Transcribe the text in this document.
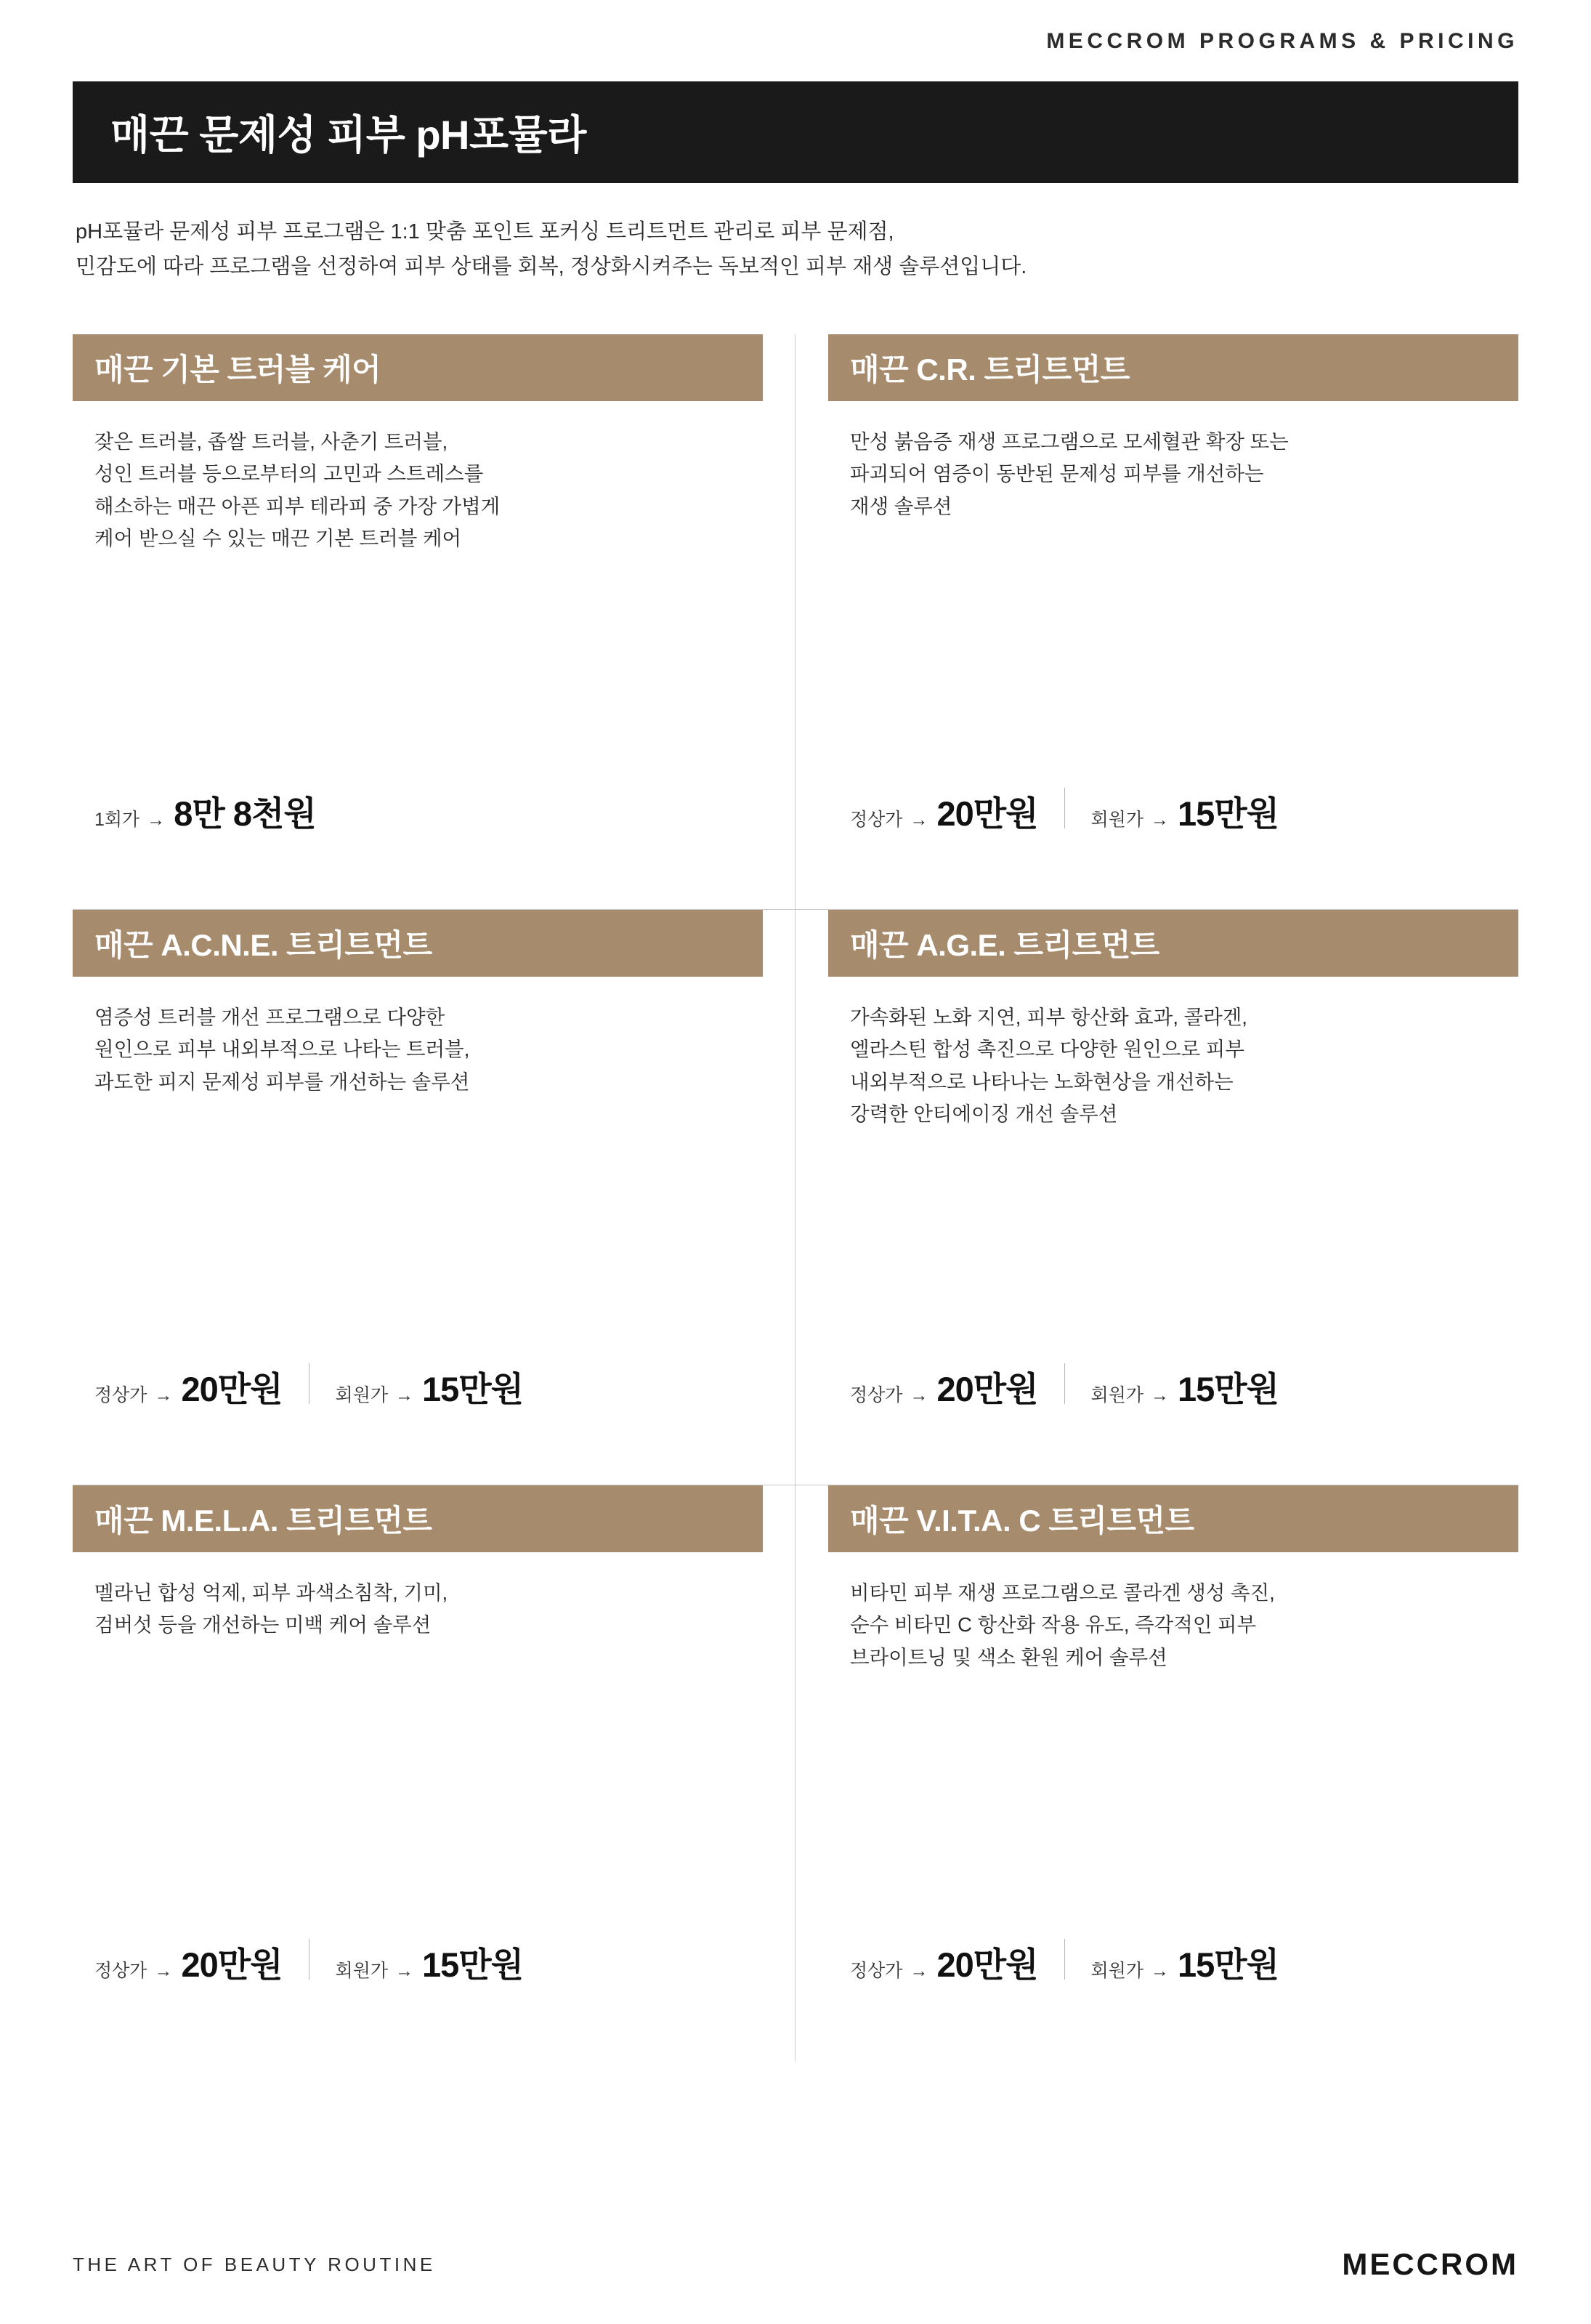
MECCROM PROGRAMS & PRICING
매끈 문제성 피부 pH포뮬라
pH포뮬라 문제성 피부 프로그램은 1:1 맞춤 포인트 포커싱 트리트먼트 관리로 피부 문제점,
민감도에 따라 프로그램을 선정하여 피부 상태를 회복, 정상화시켜주는 독보적인 피부 재생 솔루션입니다.
매끈 기본 트러블 케어
잦은 트러블, 좁쌀 트러블, 사춘기 트러블,
성인 트러블 등으로부터의 고민과 스트레스를
해소하는 매끈 아픈 피부 테라피 중 가장 가볍게
케어 받으실 수 있는 매끈 기본 트러블 케어
1회가 → 8만 8천원
매끈 C.R. 트리트먼트
만성 붉음증 재생 프로그램으로 모세혈관 확장 또는
파괴되어 염증이 동반된 문제성 피부를 개선하는
재생 솔루션
정상가 → 20만원	회원가 → 15만원
매끈 A.C.N.E. 트리트먼트
염증성 트러블 개선 프로그램으로 다양한
원인으로 피부 내외부적으로 나타는 트러블,
과도한 피지 문제성 피부를 개선하는 솔루션
정상가 → 20만원	회원가 → 15만원
매끈 A.G.E. 트리트먼트
가속화된 노화 지연, 피부 항산화 효과, 콜라겐,
엘라스틴 합성 촉진으로 다양한 원인으로 피부
내외부적으로 나타나는 노화현상을 개선하는
강력한 안티에이징 개선 솔루션
정상가 → 20만원	회원가 → 15만원
매끈 M.E.L.A. 트리트먼트
멜라닌 합성 억제, 피부 과색소침착, 기미,
검버섯 등을 개선하는 미백 케어 솔루션
정상가 → 20만원	회원가 → 15만원
매끈 V.I.T.A. C 트리트먼트
비타민 피부 재생 프로그램으로 콜라겐 생성 촉진,
순수 비타민 C 항산화 작용 유도, 즉각적인 피부
브라이트닝 및 색소 환원 케어 솔루션
정상가 → 20만원	회원가 → 15만원
THE ART OF BEAUTY ROUTINE	MECCROM
